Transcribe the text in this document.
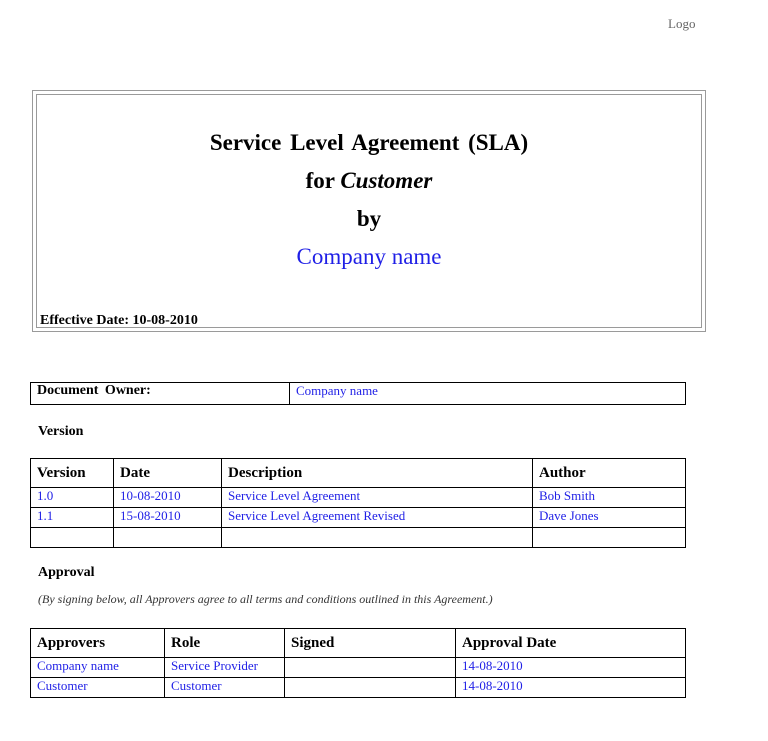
Logo
Service Level Agreement (SLA)
for Customer
by
Company name
Effective Date: 10-08-2010
Document Owner:	Company name
Version
Version	Date	Description	Author
1.0	10-08-2010	Service Level Agreement	Bob Smith
1.1	15-08-2010	Service Level Agreement Revised	Dave Jones

Approval
(By signing below, all Approvers agree to all terms and conditions outlined in this Agreement.)
Approvers	Role	Signed	Approval Date
Company name	Service Provider		14-08-2010
Customer	Customer		14-08-2010
